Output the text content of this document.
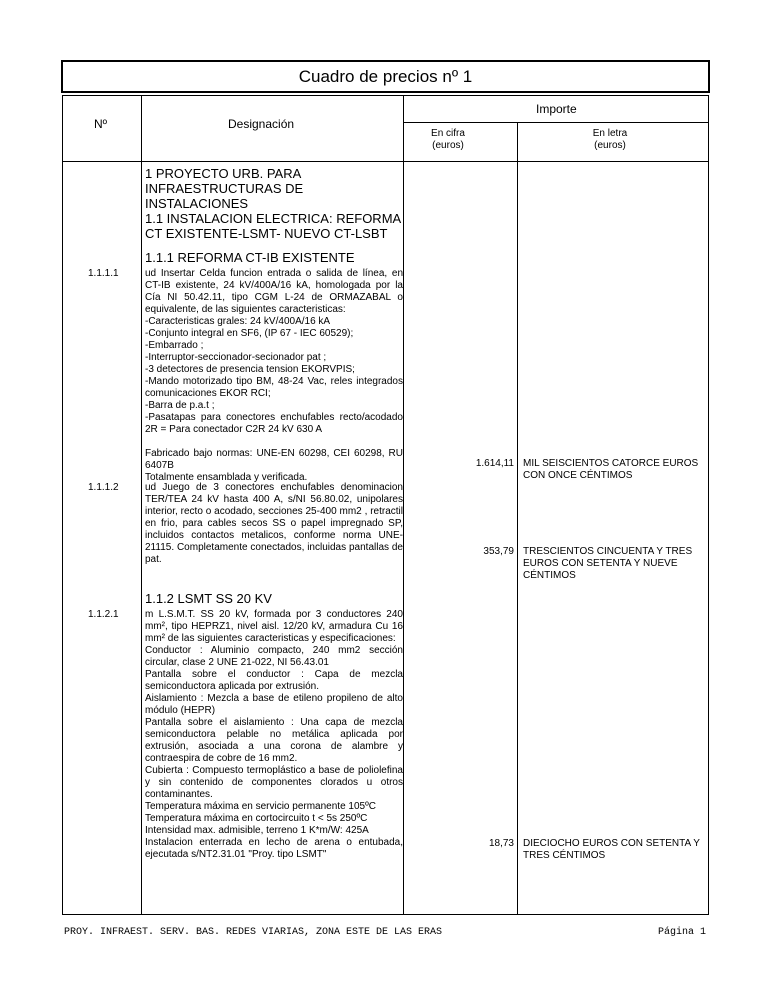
Cuadro de precios nº 1
Nº	Designación
Importe
En cifra
(euros)
En letra
(euros)
1 PROYECTO URB. PARA INFRAESTRUCTURAS DE INSTALACIONES
1.1 INSTALACION ELECTRICA: REFORMA CT EXISTENTE-LSMT- NUEVO CT-LSBT
1.1.1 REFORMA CT-IB EXISTENTE
1.1.1.1	ud Insertar Celda funcion entrada o salida de línea, en CT-IB existente, 24 kV/400A/16 kA, homologada por la Cía NI 50.42.11, tipo CGM L-24 de ORMAZABAL o equivalente, de las siguientes caracteristicas:

-Caracteristicas grales: 24 kV/400A/16 kA

-Conjunto integral en SF6, (IP 67 - IEC 60529);

-Embarrado ;

-Interruptor-seccionador-secionador pat ;

-3 detectores de presencia tension EKORVPIS;

-Mando motorizado tipo BM, 48-24 Vac, reles integrados comunicaciones EKOR RCI;

-Barra de p.a.t ;

-Pasatapas para conectores enchufables recto/acodado 2R = Para conectador C2R 24 kV 630 A

Fabricado bajo normas: UNE-EN 60298, CEI 60298, RU 6407B

Totalmente ensamblada y verificada.

1.614,11 MIL SEISCIENTOS CATORCE EUROS CON ONCE CÉNTIMOS
1.1.1.2	ud Juego de 3 conectores enchufables denominacion TER/TEA 24 kV hasta 400 A, s/NI 56.80.02, unipolares interior, recto o acodado, secciones 25-400 mm2 , retractil en frio, para cables secos SS o papel impregnado SP, incluidos contactos metalicos, conforme norma UNE-21115. Completamente conectados, incluidas pantallas de pat.

353,79 TRESCIENTOS CINCUENTA Y TRES EUROS CON SETENTA Y NUEVE CÉNTIMOS
1.1.2 LSMT SS 20 KV
1.1.2.1	m L.S.M.T. SS 20 kV, formada por 3 conductores 240 mm², tipo HEPRZ1, nivel aisl. 12/20 kV, armadura Cu 16 mm² de las siguientes caracteristicas y especificaciones:

Conductor : Aluminio compacto, 240 mm2 sección circular, clase 2 UNE 21-022, NI 56.43.01

Pantalla sobre el conductor : Capa de mezcla semiconductora aplicada por extrusión.

Aislamiento : Mezcla a base de etileno propileno de alto módulo (HEPR)

Pantalla sobre el aislamiento : Una capa de mezcla semiconductora pelable no metálica aplicada por extrusión, asociada a una corona de alambre y contraespira de cobre de 16 mm2.

Cubierta : Compuesto termoplástico a base de poliolefina y sin contenido de componentes clorados u otros contaminantes.

Temperatura máxima en servicio permanente 105ºC

Temperatura máxima en cortocircuito t < 5s 250ºC

Intensidad max. admisible, terreno 1 K*m/W: 425A

Instalacion enterrada en lecho de arena o entubada, ejecutada s/NT2.31.01 "Proy. tipo LSMT"

18,73 DIECIOCHO EUROS CON SETENTA Y TRES CÉNTIMOS
PROY. INFRAEST. SERV. BAS. REDES VIARIAS, ZONA ESTE DE LAS ERAS	Página 1
